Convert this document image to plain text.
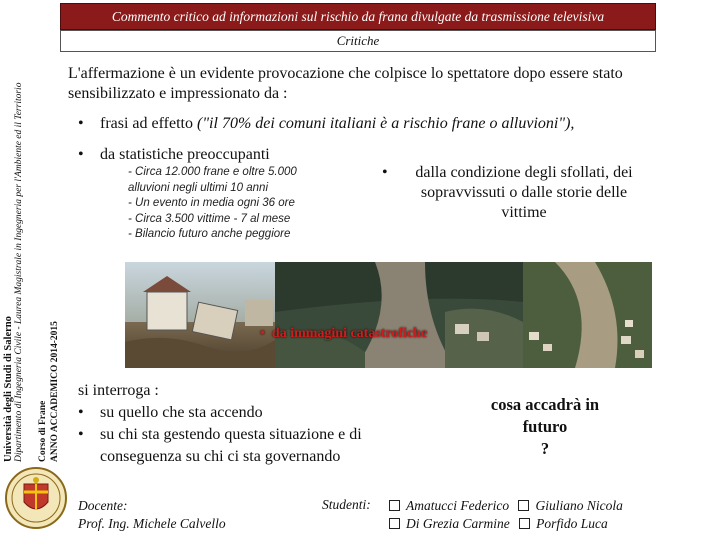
Università degli Studi di Salerno Dipartimento di Ingegneria Civile - Laurea Magistrale in Ingegneria per l'Ambiente ed il Territorio Corso di Frane ANNO ACCADEMICO 2014-2015
Commento critico ad informazioni sul rischio da frana divulgate da trasmissione televisiva
Critiche
L'affermazione è un evidente provocazione che colpisce lo spettatore dopo essere stato sensibilizzato e impressionato da :
• frasi ad effetto ("il 70% dei comuni italiani è a rischio frane o alluvioni"),
• da statistiche preoccupanti
- Circa 12.000 frane e oltre 5.000
alluvioni negli ultimi 10 anni
- Un evento in media ogni 36 ore
- Circa 3.500 vittime - 7 al mese
- Bilancio futuro anche peggiore
•	dalla condizione degli sfollati, dei sopravvissuti o dalle storie delle vittime
•  da immagini catastrofiche
si interroga :
• su quello che sta accendo
• su chi sta gestendo questa situazione e di
conseguenza su chi ci sta governando
cosa accadrà in
futuro
?
Docente:
Prof. Ing. Michele Calvello
Studenti:	Amatucci Federico Giuliano Nicola
Di Grezia Carmine Porfido Luca
